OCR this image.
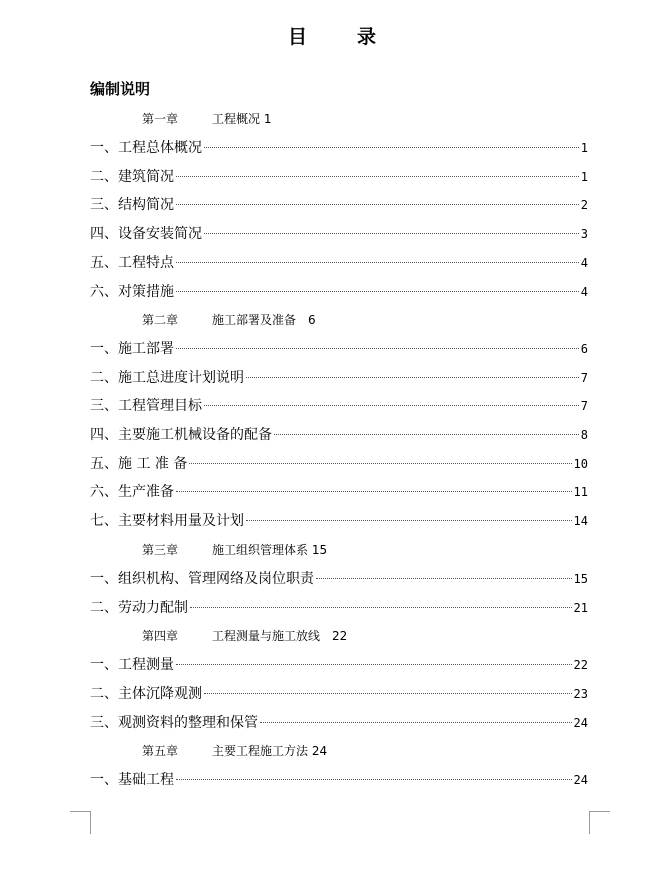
目	录
编制说明
第一章	工程概况 1
一、工程总体概况	1
二、建筑简况	1
三、结构简况	2
四、设备安装简况	3
五、工程特点	4
六、对策措施	4
第二章	施工部署及准备　6
一、施工部署	6
二、施工总进度计划说明	7
三、工程管理目标	7
四、主要施工机械设备的配备	8
五、施 工 准 备	10
六、生产准备	11
七、主要材料用量及计划	14
第三章	施工组织管理体系 15
一、组织机构、管理网络及岗位职责	15
二、劳动力配制	21
第四章	工程测量与施工放线　22
一、工程测量	22
二、主体沉降观测	23
三、观测资料的整理和保管	24
第五章	主要工程施工方法 24
一、基础工程	24
